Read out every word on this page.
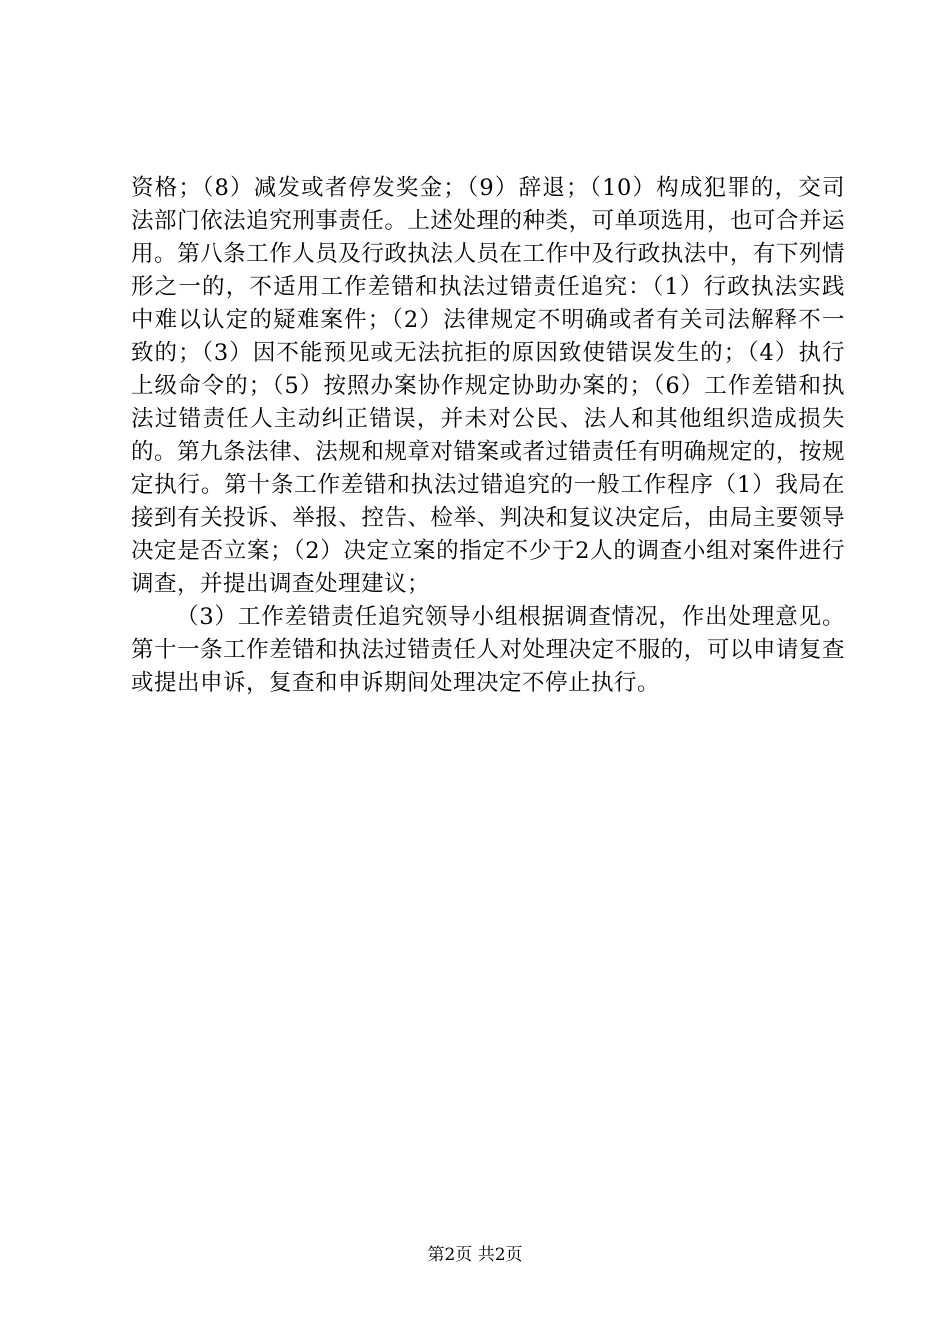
资格；（8）减发或者停发奖金；（9）辞退；（10）构成犯罪的，交司法部门依法追究刑事责任。上述处理的种类，可单项选用，也可合并运用。第八条工作人员及行政执法人员在工作中及行政执法中，有下列情形之一的，不适用工作差错和执法过错责任追究：（1）行政执法实践中难以认定的疑难案件；（2）法律规定不明确或者有关司法解释不一致的；（3）因不能预见或无法抗拒的原因致使错误发生的；（4）执行上级命令的；（5）按照办案协作规定协助办案的；（6）工作差错和执法过错责任人主动纠正错误，并未对公民、法人和其他组织造成损失的。第九条法律、法规和规章对错案或者过错责任有明确规定的，按规定执行。第十条工作差错和执法过错追究的一般工作程序（1）我局在接到有关投诉、举报、控告、检举、判决和复议决定后，由局主要领导决定是否立案；（2）决定立案的指定不少于2人的调查小组对案件进行调查，并提出调查处理建议；

（3）工作差错责任追究领导小组根据调查情况，作出处理意见。第十一条工作差错和执法过错责任人对处理决定不服的，可以申请复查或提出申诉，复查和申诉期间处理决定不停止执行。

第2页 共2页
